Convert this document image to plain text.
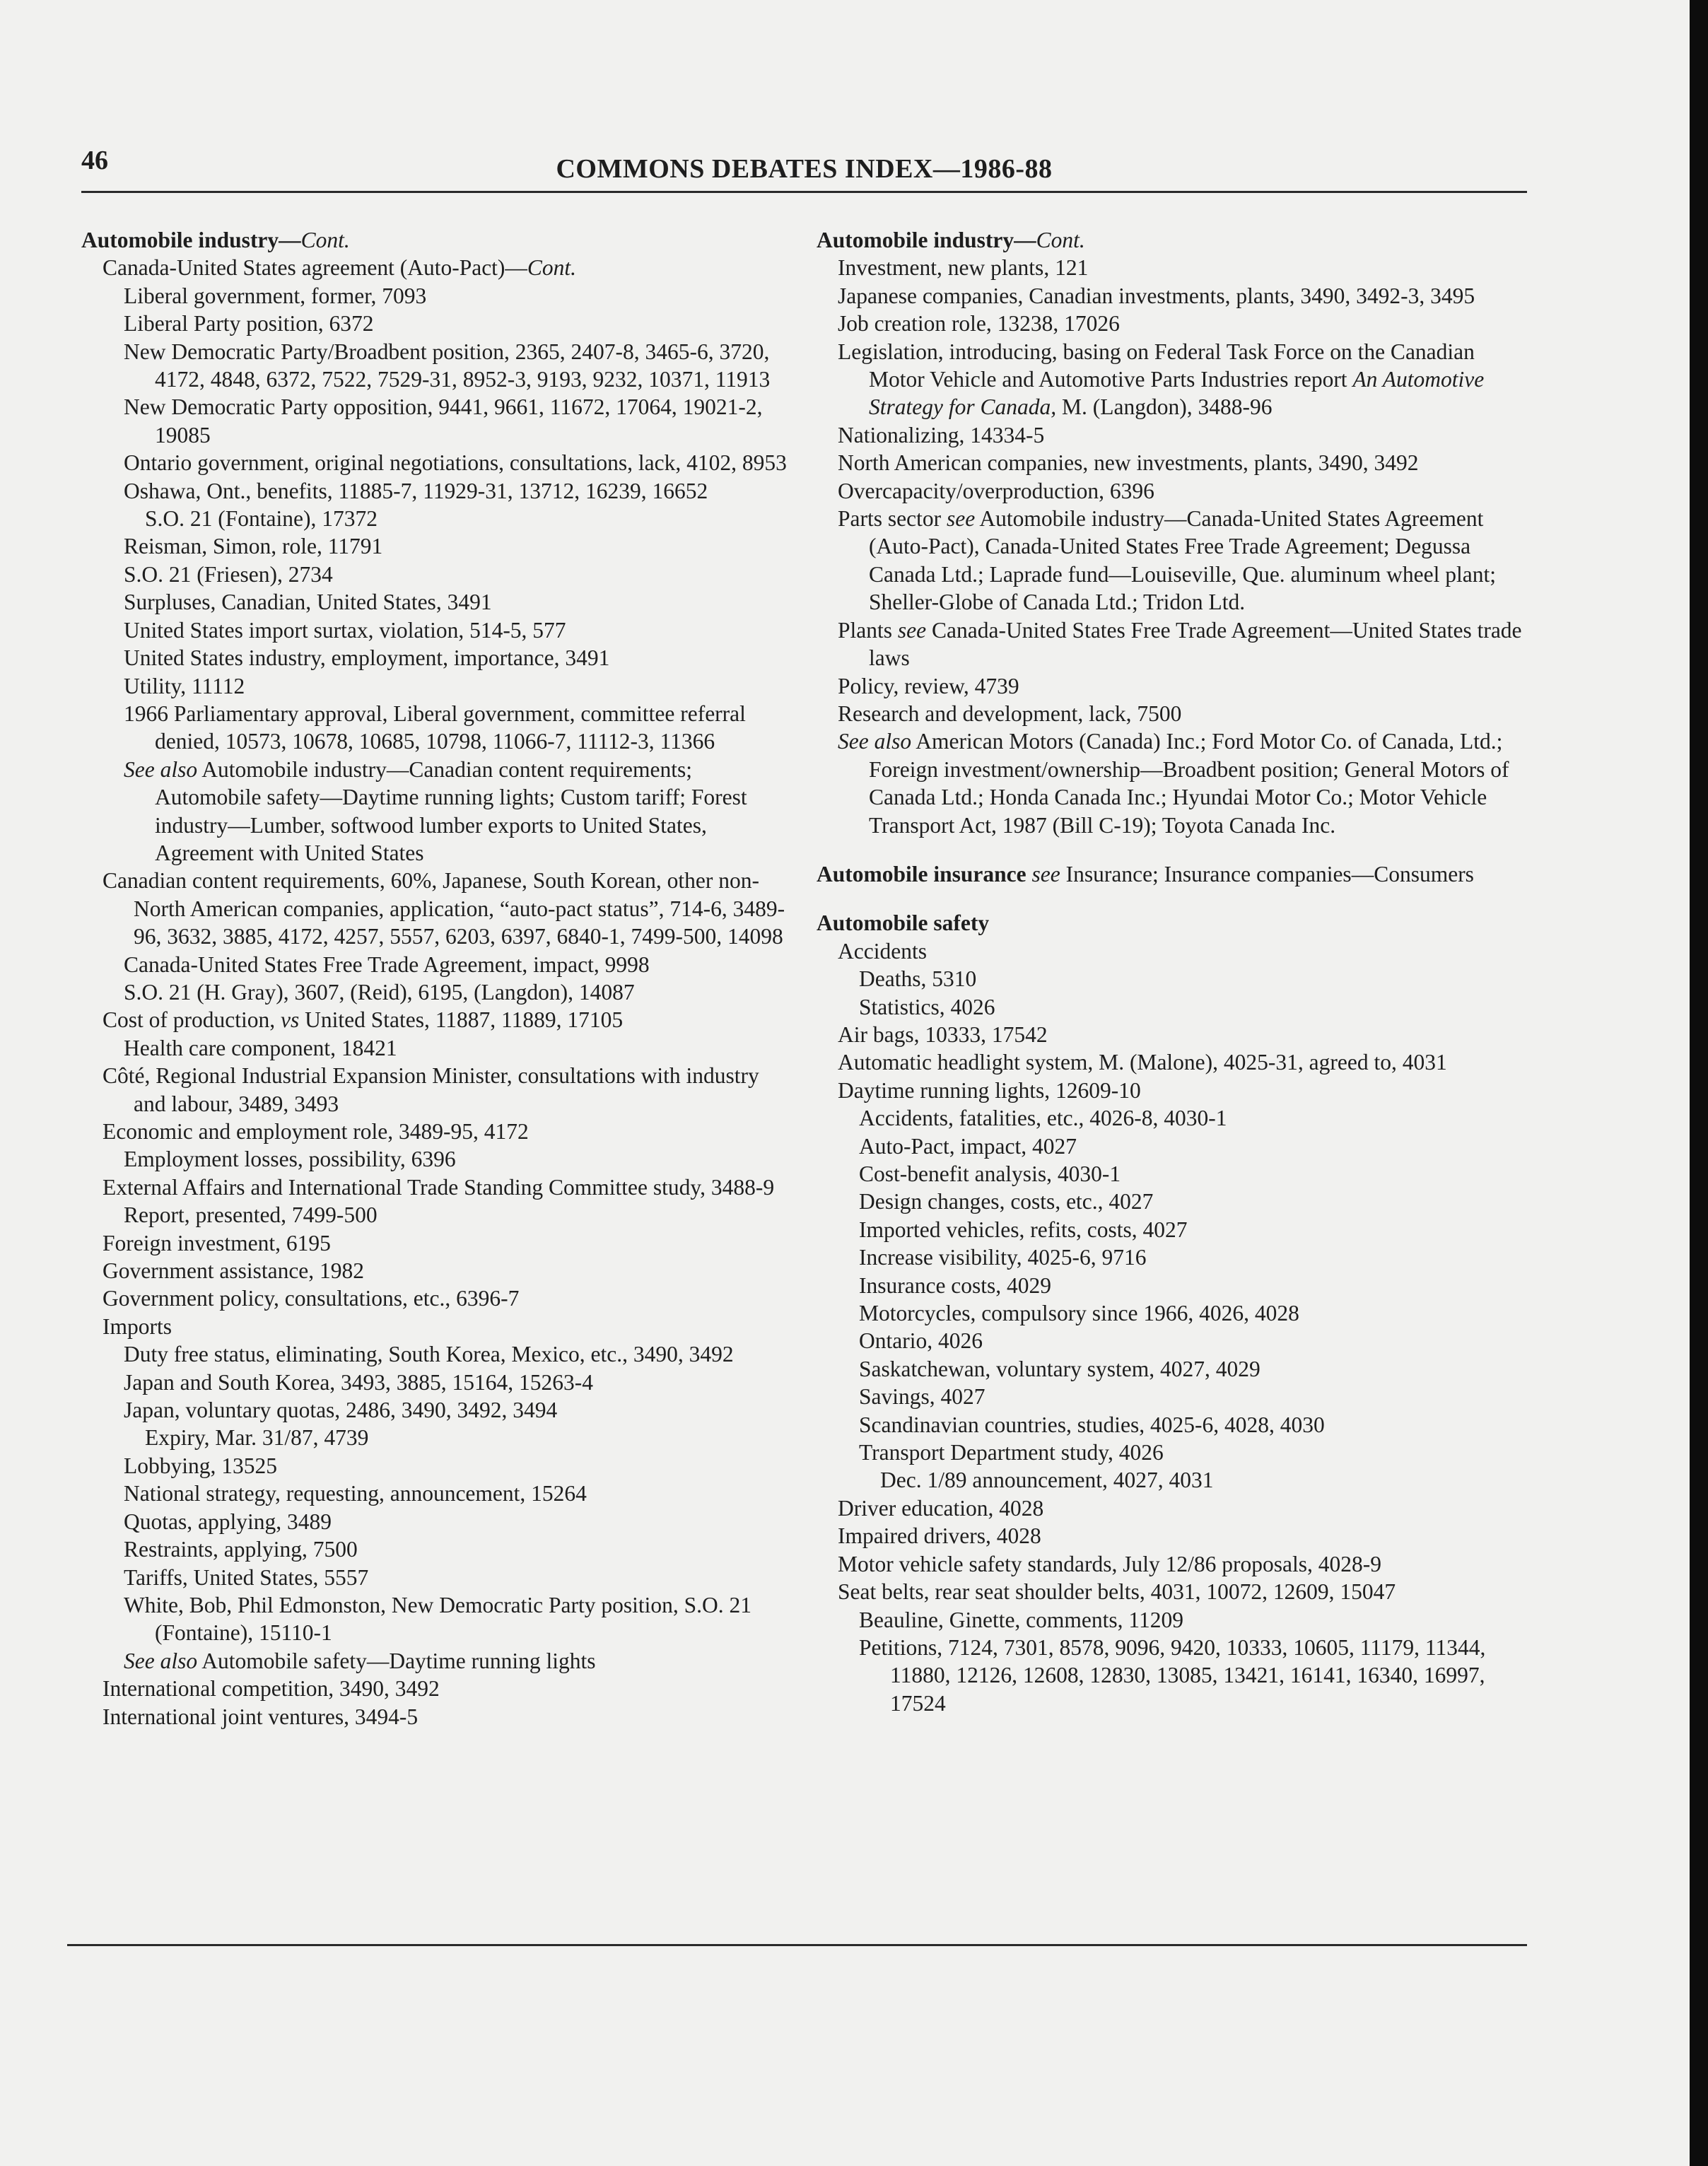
46	COMMONS DEBATES INDEX—1986-88

Automobile industry—Cont.

Canada-United States agreement (Auto-Pact)—Cont.

Liberal government, former, 7093

Liberal Party position, 6372

New Democratic Party/Broadbent position, 2365, 2407-8, 3465-6, 3720, 4172, 4848, 6372, 7522, 7529-31, 8952-3, 9193, 9232, 10371, 11913

New Democratic Party opposition, 9441, 9661, 11672, 17064, 19021-2, 19085

Ontario government, original negotiations, consultations, lack, 4102, 8953

Oshawa, Ont., benefits, 11885-7, 11929-31, 13712, 16239, 16652

S.O. 21 (Fontaine), 17372

Reisman, Simon, role, 11791

S.O. 21 (Friesen), 2734

Surpluses, Canadian, United States, 3491

United States import surtax, violation, 514-5, 577

United States industry, employment, importance, 3491

Utility, 11112

1966 Parliamentary approval, Liberal government, committee referral denied, 10573, 10678, 10685, 10798, 11066-7, 11112-3, 11366

See also Automobile industry—Canadian content requirements; Automobile safety—Daytime running lights; Custom tariff; Forest industry—Lumber, softwood lumber exports to United States, Agreement with United States

Canadian content requirements, 60%, Japanese, South Korean, other non-North American companies, application, “auto-pact status”, 714-6, 3489-96, 3632, 3885, 4172, 4257, 5557, 6203, 6397, 6840-1, 7499-500, 14098

Canada-United States Free Trade Agreement, impact, 9998

S.O. 21 (H. Gray), 3607, (Reid), 6195, (Langdon), 14087

Cost of production, vs United States, 11887, 11889, 17105

Health care component, 18421

Côté, Regional Industrial Expansion Minister, consultations with industry and labour, 3489, 3493

Economic and employment role, 3489-95, 4172

Employment losses, possibility, 6396

External Affairs and International Trade Standing Committee study, 3488-9

Report, presented, 7499-500

Foreign investment, 6195

Government assistance, 1982

Government policy, consultations, etc., 6396-7

Imports

Duty free status, eliminating, South Korea, Mexico, etc., 3490, 3492

Japan and South Korea, 3493, 3885, 15164, 15263-4

Japan, voluntary quotas, 2486, 3490, 3492, 3494

Expiry, Mar. 31/87, 4739

Lobbying, 13525

National strategy, requesting, announcement, 15264

Quotas, applying, 3489

Restraints, applying, 7500

Tariffs, United States, 5557

White, Bob, Phil Edmonston, New Democratic Party position, S.O. 21 (Fontaine), 15110-1

See also Automobile safety—Daytime running lights

International competition, 3490, 3492

International joint ventures, 3494-5

Automobile industry—Cont.

Investment, new plants, 121

Japanese companies, Canadian investments, plants, 3490, 3492-3, 3495

Job creation role, 13238, 17026

Legislation, introducing, basing on Federal Task Force on the Canadian Motor Vehicle and Automotive Parts Industries report An Automotive Strategy for Canada, M. (Langdon), 3488-96

Nationalizing, 14334-5

North American companies, new investments, plants, 3490, 3492

Overcapacity/overproduction, 6396

Parts sector see Automobile industry—Canada-United States Agreement (Auto-Pact), Canada-United States Free Trade Agreement; Degussa Canada Ltd.; Laprade fund—Louiseville, Que. aluminum wheel plant; Sheller-Globe of Canada Ltd.; Tridon Ltd.

Plants see Canada-United States Free Trade Agreement—United States trade laws

Policy, review, 4739

Research and development, lack, 7500

See also American Motors (Canada) Inc.; Ford Motor Co. of Canada, Ltd.; Foreign investment/ownership—Broadbent position; General Motors of Canada Ltd.; Honda Canada Inc.; Hyundai Motor Co.; Motor Vehicle Transport Act, 1987 (Bill C-19); Toyota Canada Inc.

Automobile insurance see Insurance; Insurance companies—Consumers

Automobile safety

Accidents

Deaths, 5310

Statistics, 4026

Air bags, 10333, 17542

Automatic headlight system, M. (Malone), 4025-31, agreed to, 4031

Daytime running lights, 12609-10

Accidents, fatalities, etc., 4026-8, 4030-1

Auto-Pact, impact, 4027

Cost-benefit analysis, 4030-1

Design changes, costs, etc., 4027

Imported vehicles, refits, costs, 4027

Increase visibility, 4025-6, 9716

Insurance costs, 4029

Motorcycles, compulsory since 1966, 4026, 4028

Ontario, 4026

Saskatchewan, voluntary system, 4027, 4029

Savings, 4027

Scandinavian countries, studies, 4025-6, 4028, 4030

Transport Department study, 4026

Dec. 1/89 announcement, 4027, 4031

Driver education, 4028

Impaired drivers, 4028

Motor vehicle safety standards, July 12/86 proposals, 4028-9

Seat belts, rear seat shoulder belts, 4031, 10072, 12609, 15047

Beauline, Ginette, comments, 11209

Petitions, 7124, 7301, 8578, 9096, 9420, 10333, 10605, 11179, 11344, 11880, 12126, 12608, 12830, 13085, 13421, 16141, 16340, 16997, 17524
